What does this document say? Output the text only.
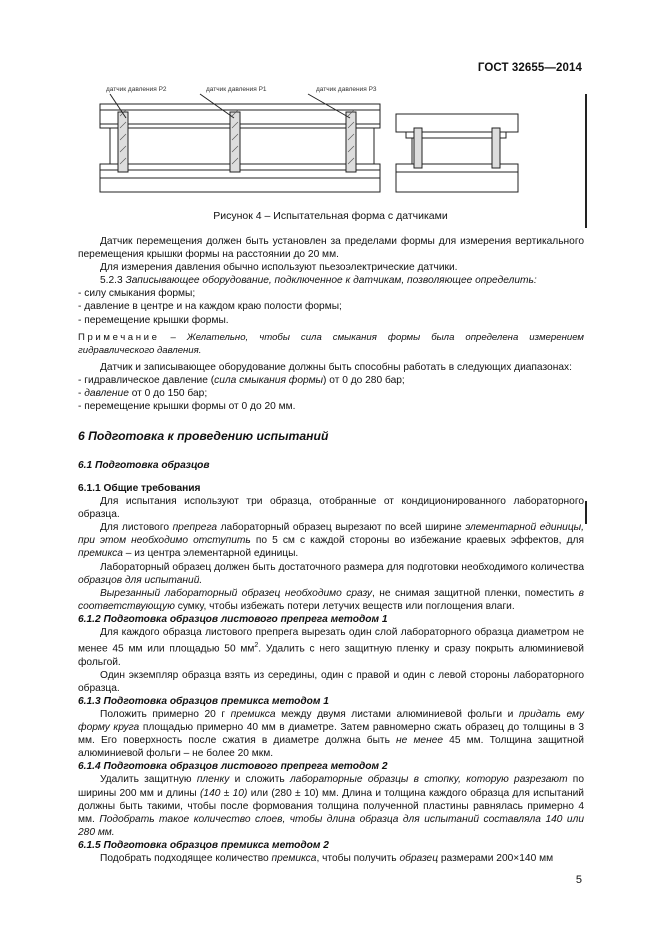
ГОСТ 32655—2014
датчик давления P2	датчик давления P1	датчик давления P3
Рисунок 4 – Испытательная форма с датчиками

Датчик перемещения должен быть установлен за пределами формы для измерения вертикального перемещения крышки формы на расстоянии до 20 мм.

Для измерения давления обычно используют пьезоэлектрические датчики.

5.2.3 Записывающее оборудование, подключенное к датчикам, позволяющее определить:

- силу смыкания формы;

- давление в центре и на каждом краю полости формы;

- перемещение крышки формы.

Примечание – Желательно, чтобы сила смыкания формы была определена измерением гидравлического давления.

Датчик и записывающее оборудование должны быть способны работать в следующих диапазонах:

- гидравлическое давление (сила смыкания формы) от 0 до 280 бар;

- давление от 0 до 150 бар;

- перемещение крышки формы от 0 до 20 мм.

6 Подготовка к проведению испытаний
6.1 Подготовка образцов

6.1.1 Общие требования

Для испытания используют три образца, отобранные от кондиционированного лабораторного образца.

Для листового препрега лабораторный образец вырезают по всей ширине элементарной единицы, при этом необходимо отступить по 5 см с каждой стороны во избежание краевых эффектов, для премикса – из центра элементарной единицы.

Лабораторный образец должен быть достаточного размера для подготовки необходимого количества образцов для испытаний.

Вырезанный лабораторный образец необходимо сразу, не снимая защитной пленки, поместить в соответствующую сумку, чтобы избежать потери летучих веществ или поглощения влаги.

6.1.2 Подготовка образцов листового препрега методом 1

Для каждого образца листового препрега вырезать один слой лабораторного образца диаметром не менее 45 мм или площадью 50 $мм^2$. Удалить с него защитную пленку и сразу покрыть алюминиевой фольгой.

Один экземпляр образца взять из середины, один с правой и один с левой стороны лабораторного образца.

6.1.3 Подготовка образцов премикса методом 1

Положить примерно 20 г премикса между двумя листами алюминиевой фольги и придать ему форму круга площадью примерно 40 мм в диаметре. Затем равномерно сжать образец до толщины в 3 мм. Его поверхность после сжатия в диаметре должна быть не менее 45 мм. Толщина защитной алюминиевой фольги – не более 20 мкм.

6.1.4 Подготовка образцов листового препрега методом 2

Удалить защитную пленку и сложить лабораторные образцы в стопку, которую разрезают по ширины 200 мм и длины (140 ± 10) или (280 ± 10) мм. Длина и толщина каждого образца для испытаний должны быть такими, чтобы после формования толщина полученной пластины равнялась примерно 4 мм. Подобрать такое количество слоев, чтобы длина образца для испытаний составляла 140 или 280 мм.

6.1.5 Подготовка образцов премикса методом 2

Подобрать подходящее количество премикса, чтобы получить образец размерами 200×140 мм

5
